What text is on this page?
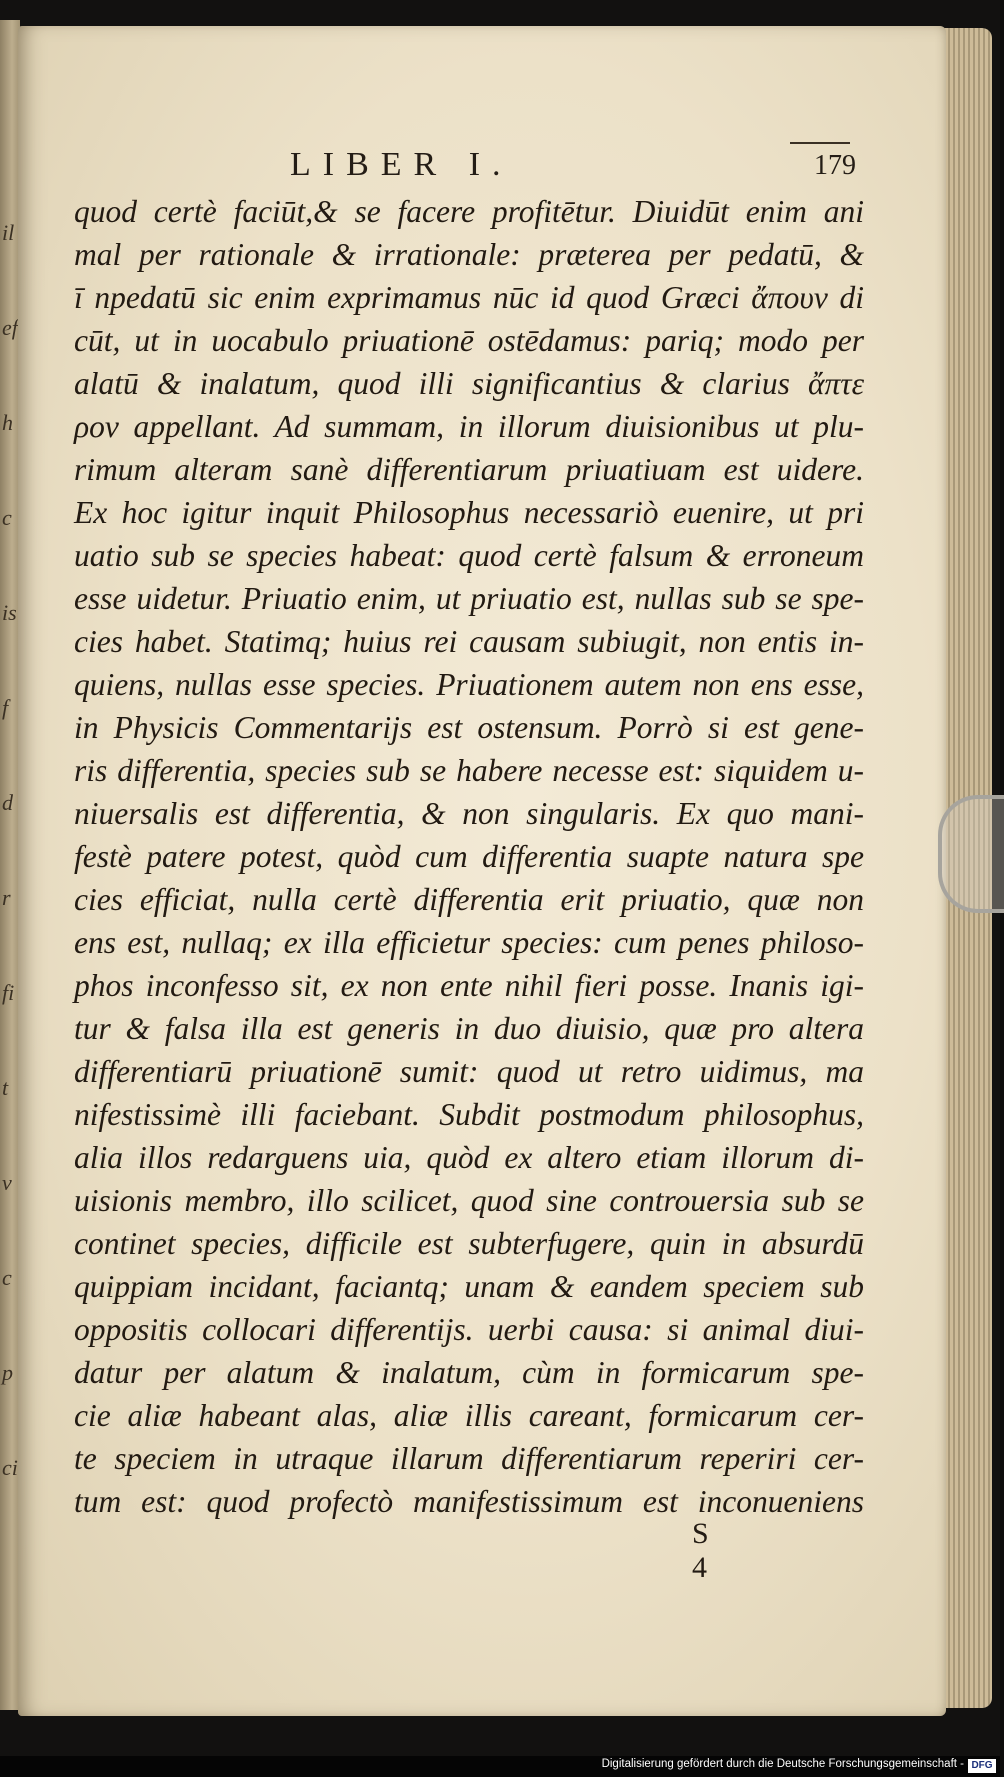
il
ef
h
c
is
f
d
r
fi
t
v
c
p
ci
LIBER I.	179
quod certè faciūt,& se facere profitētur. Diuidūt enim ani
mal per rationale & irrationale: præterea per pedatū, &
ī npedatū sic enim exprimamus nūc id quod Græci ἄπουν di
cūt, ut in uocabulo priuationē ostēdamus: pariq; modo per
alatū & inalatum, quod illi significantius & clarius ἄπτε
ρον appellant. Ad summam, in illorum diuisionibus ut plu-
rimum alteram sanè differentiarum priuatiuam est uidere.
Ex hoc igitur inquit Philosophus necessariò euenire, ut pri
uatio sub se species habeat: quod certè falsum & erroneum
esse uidetur. Priuatio enim, ut priuatio est, nullas sub se spe-
cies habet. Statimq; huius rei causam subiugit, non entis in-
quiens, nullas esse species. Priuationem autem non ens esse,
in Physicis Commentarijs est ostensum. Porrò si est gene-
ris differentia, species sub se habere necesse est: siquidem u-
niuersalis est differentia, & non singularis. Ex quo mani-
festè patere potest, quòd cum differentia suapte natura spe
cies efficiat, nulla certè differentia erit priuatio, quæ non
ens est, nullaq; ex illa efficietur species: cum penes philoso-
phos inconfesso sit, ex non ente nihil fieri posse. Inanis igi-
tur & falsa illa est generis in duo diuisio, quæ pro altera
differentiarū priuationē sumit: quod ut retro uidimus, ma
nifestissimè illi faciebant. Subdit postmodum philosophus,
alia illos redarguens uia, quòd ex altero etiam illorum di-
uisionis membro, illo scilicet, quod sine controuersia sub se
continet species, difficile est subterfugere, quin in absurdū
quippiam incidant, faciantq; unam & eandem speciem sub
oppositis collocari differentijs. uerbi causa: si animal diui-
datur per alatum & inalatum, cùm in formicarum spe-
cie aliæ habeant alas, aliæ illis careant, formicarum cer-
te speciem in utraque illarum differentiarum reperiri cer-
tum est: quod profectò manifestissimum est inconueniens
S 4
Digitalisierung gefördert durch die Deutsche Forschungsgemeinschaft - DFG
